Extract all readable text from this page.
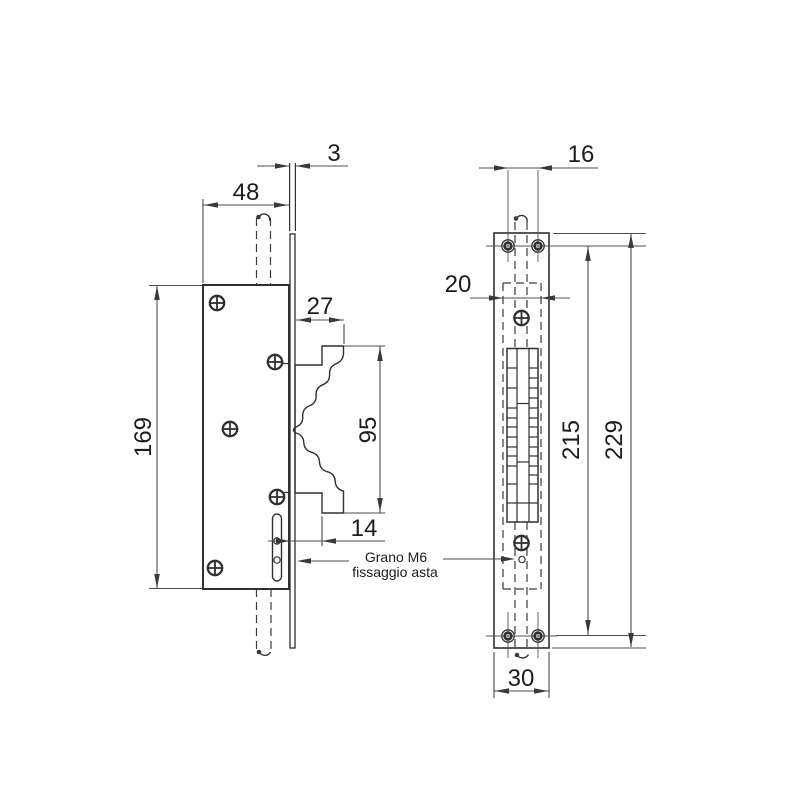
3
48
169
27
95
14
Grano M6
fissaggio asta
16
20
215 229
30
